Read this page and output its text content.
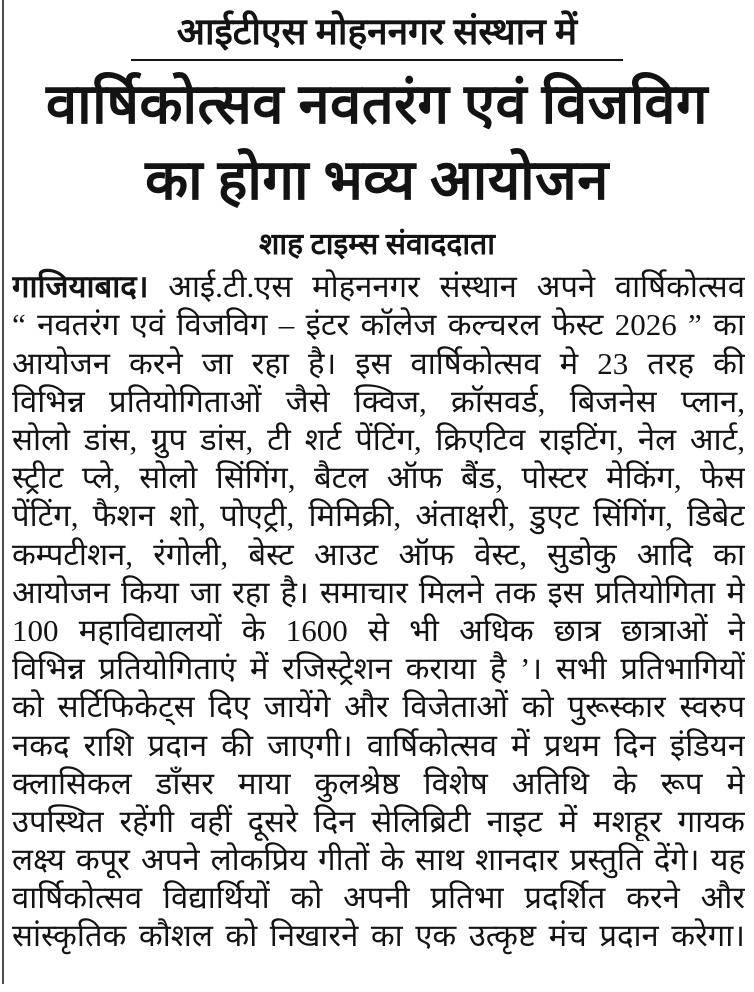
आईटीएस मोहननगर संस्थान में
वार्षिकोत्सव नवतरंग एवं विजविग
का होगा भव्य आयोजन
शाह टाइम्स संवाददाता
गाजियाबाद। आई.टी.एस मोहननगर संस्थान अपने वार्षिकोत्सव
“ नवतरंग एवं विजविग – इंटर कॉलेज कल्चरल फेस्ट 2026 ” का
आयोजन करने जा रहा है। इस वार्षिकोत्सव मे 23 तरह की
विभिन्न प्रतियोगिताओं जैसे क्विज, क्रॉसवर्ड, बिजनेस प्लान,
सोलो डांस, ग्रुप डांस, टी शर्ट पेंटिंग, क्रिएटिव राइटिंग, नेल आर्ट,
स्ट्रीट प्ले, सोलो सिंगिंग, बैटल ऑफ बैंड, पोस्टर मेकिंग, फेस
पेंटिंग, फैशन शो, पोएट्री, मिमिक्री, अंताक्षरी, डुएट सिंगिंग, डिबेट
कम्पटीशन, रंगोली, बेस्ट आउट ऑफ वेस्ट, सुडोकु आदि का
आयोजन किया जा रहा है। समाचार मिलने तक इस प्रतियोगिता मे
100 महाविद्यालयों के 1600 से भी अधिक छात्र छात्राओं ने
विभिन्न प्रतियोगिताएं में रजिस्ट्रेशन कराया है ’। सभी प्रतिभागियों
को सर्टिफिकेट्स दिए जायेंगे और विजेताओं को पुरूस्कार स्वरुप
नकद राशि प्रदान की जाएगी। वार्षिकोत्सव में प्रथम दिन इंडियन
क्लासिकल डाँसर माया कुलश्रेष्ठ विशेष अतिथि के रूप मे
उपस्थित रहेंगी वहीं दूसरे दिन सेलिब्रिटी नाइट में मशहूर गायक
लक्ष्य कपूर अपने लोकप्रिय गीतों के साथ शानदार प्रस्तुति देंगे। यह
वार्षिकोत्सव विद्यार्थियों को अपनी प्रतिभा प्रदर्शित करने और
सांस्कृतिक कौशल को निखारने का एक उत्कृष्ट मंच प्रदान करेगा।
